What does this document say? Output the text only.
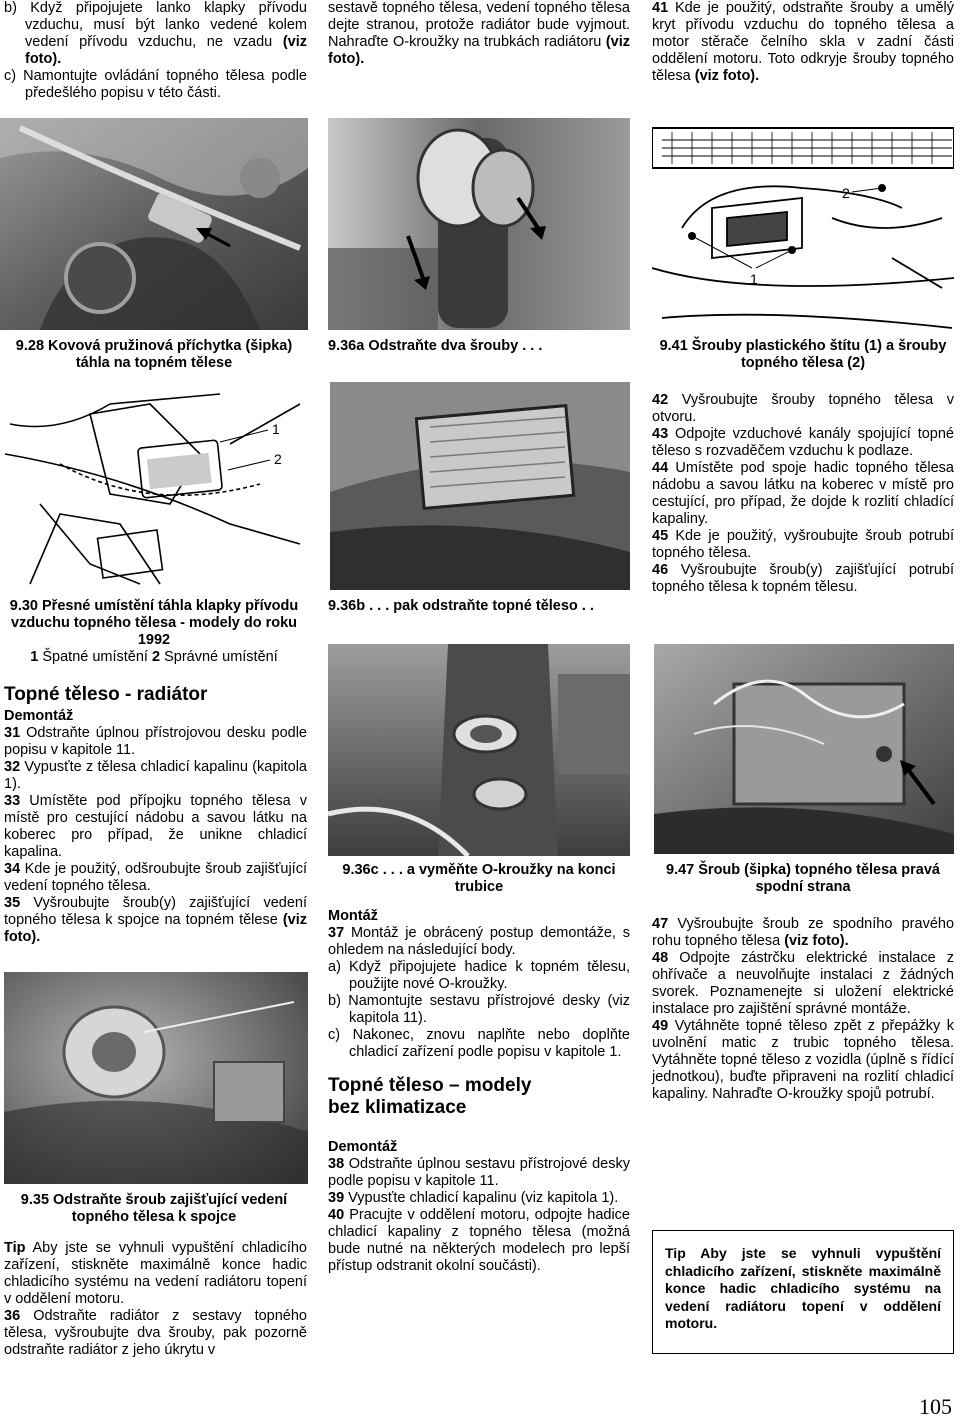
b) Když připojujete lanko klapky přívodu vzduchu, musí být lanko vedené kolem vedení přívodu vzduchu, ne vzadu (viz foto).
c) Namontujte ovládání topného tělesa podle předešlého popisu v této části.
9.28 Kovová pružinová příchytka (šipka) táhla na topném tělese
1
2
9.30 Přesné umístění táhla klapky přívodu vzduchu topného tělesa - modely do roku 1992
1 Špatné umístění 2 Správné umístění
Topné těleso - radiátor
Demontáž
31 Odstraňte úplnou přístrojovou desku podle popisu v kapitole 11.
32 Vypusťte z tělesa chladicí kapalinu (kapitola 1).
33 Umístěte pod přípojku topného tělesa v místě pro cestující nádobu a savou látku na koberec pro případ, že unikne chladicí kapalina.
34 Kde je použitý, odšroubujte šroub zajišťující vedení topného tělesa.
35 Vyšroubujte šroub(y) zajišťující vedení topného tělesa k spojce na topném tělese (viz foto).
9.35 Odstraňte šroub zajišťující vedení topného tělesa k spojce
Tip Aby jste se vyhnuli vypuštění chladicího zařízení, stiskněte maximálně konce hadic chladicího systému na vedení radiátoru topení v oddělení motoru.
36 Odstraňte radiátor z sestavy topného tělesa, vyšroubujte dva šrouby, pak pozorně odstraňte radiátor z jeho úkrytu v
sestavě topného tělesa, vedení topného tělesa dejte stranou, protože radiátor bude vyjmout. Nahraďte O-kroužky na trubkách radiátoru (viz foto).
9.36a Odstraňte dva šrouby . . .
9.36b . . . pak odstraňte topné těleso . .
9.36c . . . a vyměňte O-kroužky na konci trubice
Montáž
37 Montáž je obrácený postup demontáže, s ohledem na následující body.
a) Když připojujete hadice k topném tělesu, použijte nové O-kroužky.
b) Namontujte sestavu přístrojové desky (viz kapitola 11).
c) Nakonec, znovu naplňte nebo doplňte chladicí zařízení podle popisu v kapitole 1.
Topné těleso – modely bez klimatizace
Demontáž
38 Odstraňte úplnou sestavu přístrojové desky podle popisu v kapitole 11.
39 Vypusťte chladicí kapalinu (viz kapitola 1).
40 Pracujte v oddělení motoru, odpojte hadice chladicí kapaliny z topného tělesa (možná bude nutné na některých modelech pro lepší přístup odstranit okolní součásti).
41 Kde je použitý, odstraňte šrouby a umělý kryt přívodu vzduchu do topného tělesa a motor stěrače čelního skla v zadní části oddělení motoru. Toto odkryje šrouby topného tělesa (viz foto).
1
2
9.41 Šrouby plastického štítu (1) a šrouby topného tělesa (2)
42 Vyšroubujte šrouby topného tělesa v otvoru.
43 Odpojte vzduchové kanály spojující topné těleso s rozvaděčem vzduchu k podlaze.
44 Umístěte pod spoje hadic topného tělesa nádobu a savou látku na koberec v místě pro cestující, pro případ, že dojde k rozlití chladící kapaliny.
45 Kde je použitý, vyšroubujte šroub potrubí topného tělesa.
46 Vyšroubujte šroub(y) zajišťující potrubí topného tělesa k topném tělesu.
9.47 Šroub (šipka) topného tělesa pravá spodní strana
47 Vyšroubujte šroub ze spodního pravého rohu topného tělesa (viz foto).
48 Odpojte zástrčku elektrické instalace z ohřívače a neuvolňujte instalaci z žádných svorek. Poznamenejte si uložení elektrické instalace pro zajištění správné montáže.
49 Vytáhněte topné těleso zpět z přepážky k uvolnění matic z trubic topného tělesa. Vytáhněte topné těleso z vozidla (úplně s řídící jednotkou), buďte připraveni na rozlití chladicí kapaliny. Nahraďte O-kroužky spojů potrubí.
Tip Aby jste se vyhnuli vypuštění chladicího zařízení, stiskněte maximálně konce hadic chladicího systému na vedení radiátoru topení v oddělení motoru.
105
